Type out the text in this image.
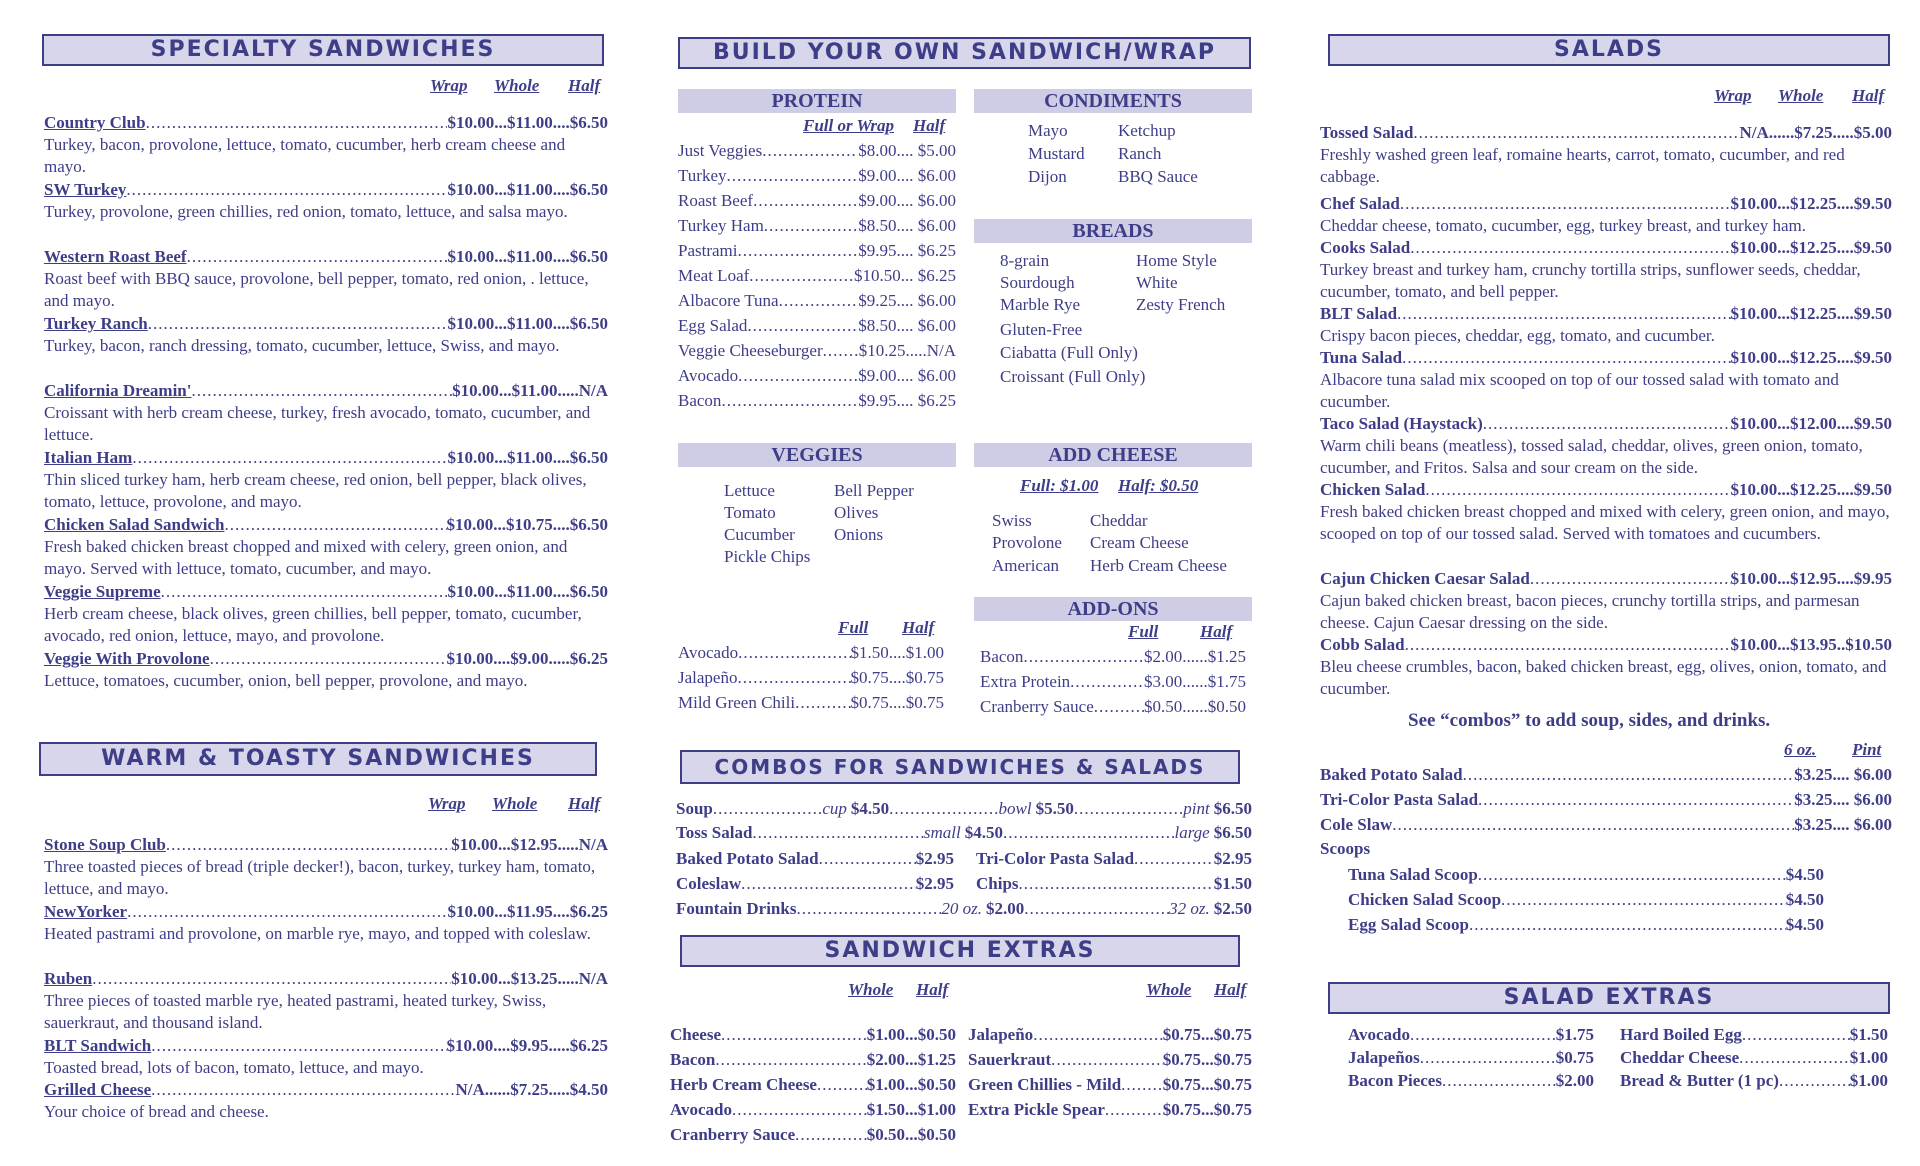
SPECIALTY SANDWICHES
Wrap Whole Half
Country Club .....	$10.00...$11.00....$6.50
Turkey, bacon, provolone, lettuce, tomato, cucumber, herb cream cheese and mayo.
SW Turkey .....	$10.00...$11.00....$6.50
Turkey, provolone, green chillies, red onion, tomato, lettuce, and salsa mayo.
Western Roast Beef .....	$10.00...$11.00....$6.50
Roast beef with BBQ sauce, provolone, bell pepper, tomato, red onion, . lettuce, and mayo.
Turkey Ranch .....	$10.00...$11.00....$6.50
Turkey, bacon, ranch dressing, tomato, cucumber, lettuce, Swiss, and mayo.
California Dreamin' .....	$10.00...$11.00.....N/A
Croissant with herb cream cheese, turkey, fresh avocado, tomato, cucumber, and lettuce.
Italian Ham .....	$10.00...$11.00....$6.50
Thin sliced turkey ham, herb cream cheese, red onion, bell pepper, black olives, tomato, lettuce, provolone, and mayo.
Chicken Salad Sandwich .....	$10.00...$10.75....$6.50
Fresh baked chicken breast chopped and mixed with celery, green onion, and mayo. Served with lettuce, tomato, cucumber, and mayo.
Veggie Supreme .....	$10.00...$11.00....$6.50
Herb cream cheese, black olives, green chillies, bell pepper, tomato, cucumber, avocado, red onion, lettuce, mayo, and provolone.
Veggie With Provolone .....	$10.00....$9.00.....$6.25
Lettuce, tomatoes, cucumber, onion, bell pepper, provolone, and mayo.
WARM & TOASTY SANDWICHES
Wrap Whole Half
Stone Soup Club .....	$10.00...$12.95.....N/A
Three toasted pieces of bread (triple decker!), bacon, turkey, turkey ham, tomato, lettuce, and mayo.
NewYorker .....	$10.00...$11.95....$6.25
Heated pastrami and provolone, on marble rye, mayo, and topped with coleslaw.
Ruben .....	$10.00...$13.25.....N/A
Three pieces of toasted marble rye, heated pastrami, heated turkey, Swiss, sauerkraut, and thousand island.
BLT Sandwich .....	$10.00....$9.95.....$6.25
Toasted bread, lots of bacon, tomato, lettuce, and mayo.
Grilled Cheese .....	N/A......$7.25.....$4.50
Your choice of bread and cheese.
BUILD YOUR OWN SANDWICH/WRAP
PROTEIN
Full or Wrap Half
Just Veggies .....	$8.00.... $5.00
Turkey .....	$9.00.... $6.00
Roast Beef .....	$9.00.... $6.00
Turkey Ham .....	$8.50.... $6.00
Pastrami .....	$9.95.... $6.25
Meat Loaf .....	$10.50... $6.25
Albacore Tuna .....	$9.25.... $6.00
Egg Salad .....	$8.50.... $6.00
Veggie Cheeseburger ..... $10.25.....N/A
Avocado .....	$9.00.... $6.00
Bacon .....	$9.95.... $6.25
CONDIMENTS
Mayo	Ketchup
Mustard Ranch
Dijon	BBQ Sauce
BREADS
8-grain	Home Style
Sourdough	White
Marble Rye	Zesty French
Gluten-Free
Ciabatta (Full Only)
Croissant (Full Only)
VEGGIES
Lettuce	Bell Pepper
Tomato	Olives
Cucumber Onions
Pickle Chips
Full Half
Avocado .....	$1.50....$1.00
Jalapeño .....	$0.75....$0.75
Mild Green Chili .....	$0.75....$0.75
ADD CHEESE
Full: $1.00 Half: $0.50
Swiss	Cheddar
Provolone Cream Cheese
American Herb Cream Cheese
ADD-ONS
Full Half
Bacon .....	$2.00......$1.25
Extra Protein .....	$3.00......$1.75
Cranberry Sauce .....	$0.50......$0.50
COMBOS FOR SANDWICHES & SALADS
Soup .....	cup $4.50 .....	bowl $5.50 .....	pint $6.50
Toss Salad .....	small $4.50 .....	large $6.50
Baked Potato Salad .....	$2.95 Tri-Color Pasta Salad .....	$2.95
Coleslaw .....	$2.95 Chips .....	$1.50
Fountain Drinks .....	20 oz. $2.00 .....	32 oz. $2.50
SANDWICH EXTRAS
Whole Half	Whole Half
Cheese .....	$1.00...$0.50
Bacon .....	$2.00...$1.25
Herb Cream Cheese .....	$1.00...$0.50
Avocado .....	$1.50...$1.00
Cranberry Sauce .....	$0.50...$0.50
Jalapeño .....	$0.75...$0.75
Sauerkraut .....	$0.75...$0.75
Green Chillies - Mild ..... $0.75...$0.75
Extra Pickle Spear .....	$0.75...$0.75
SALADS
Wrap Whole Half
Tossed Salad .....	N/A......$7.25.....$5.00
Freshly washed green leaf, romaine hearts, carrot, tomato, cucumber, and red cabbage.
Chef Salad .....	$10.00...$12.25....$9.50
Cheddar cheese, tomato, cucumber, egg, turkey breast, and turkey ham.
Cooks Salad .....	$10.00...$12.25....$9.50
Turkey breast and turkey ham, crunchy tortilla strips, sunflower seeds, cheddar, cucumber, tomato, and bell pepper.
BLT Salad .....	$10.00...$12.25....$9.50
Crispy bacon pieces, cheddar, egg, tomato, and cucumber.
Tuna Salad .....	$10.00...$12.25....$9.50
Albacore tuna salad mix scooped on top of our tossed salad with tomato and cucumber.
Taco Salad (Haystack) .....	$10.00...$12.00....$9.50
Warm chili beans (meatless), tossed salad, cheddar, olives, green onion, tomato, cucumber, and Fritos. Salsa and sour cream on the side.
Chicken Salad .....	$10.00...$12.25....$9.50
Fresh baked chicken breast chopped and mixed with celery, green onion, and mayo, scooped on top of our tossed salad. Served with tomatoes and cucumbers.
Cajun Chicken Caesar Salad .....	$10.00...$12.95....$9.95
Cajun baked chicken breast, bacon pieces, crunchy tortilla strips, and parmesan cheese. Cajun Caesar dressing on the side.
Cobb Salad .....	$10.00...$13.95..$10.50
Bleu cheese crumbles, bacon, baked chicken breast, egg, olives, onion, tomato, and cucumber.
See “combos” to add soup, sides, and drinks.
6 oz. Pint
Baked Potato Salad .....	$3.25.... $6.00
Tri-Color Pasta Salad .....	$3.25.... $6.00
Cole Slaw .....	$3.25.... $6.00
Scoops
Tuna Salad Scoop .....	$4.50
Chicken Salad Scoop .....	$4.50
Egg Salad Scoop .....	$4.50
SALAD EXTRAS
Avocado .....	$1.75
Jalapeños .....	$0.75
Bacon Pieces .....	$2.00
Hard Boiled Egg .....	$1.50
Cheddar Cheese .....	$1.00
Bread & Butter (1 pc) .....	$1.00
